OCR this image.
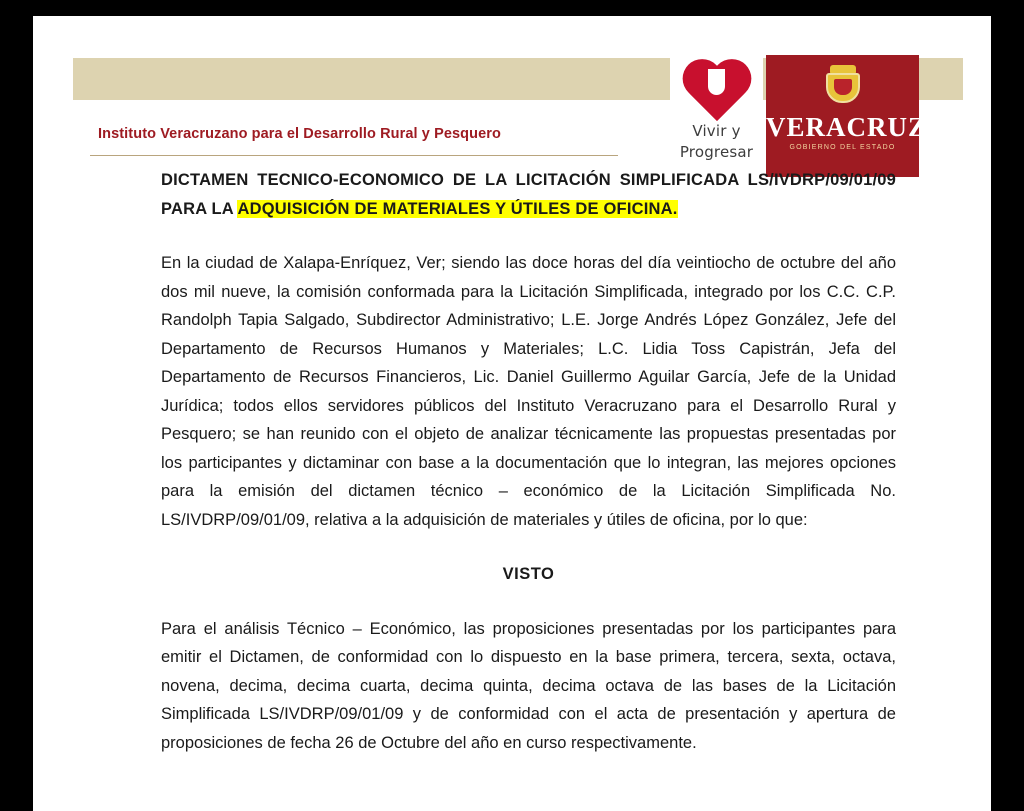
Vivir y
Progresar
VERACRUZ
GOBIERNO DEL ESTADO
Instituto Veracruzano para el Desarrollo Rural y Pesquero

DICTAMEN TECNICO-ECONOMICO DE LA LICITACIÓN SIMPLIFICADA LS/IVDRP/09/01/09 PARA LA ADQUISICIÓN DE MATERIALES Y ÚTILES DE OFICINA.

En la ciudad de Xalapa-Enríquez, Ver; siendo las doce horas del día veintiocho de octubre del año dos mil nueve, la comisión conformada para la Licitación Simplificada, integrado por los C.C. C.P. Randolph Tapia Salgado, Subdirector Administrativo; L.E. Jorge Andrés López González, Jefe del Departamento de Recursos Humanos y Materiales; L.C. Lidia Toss Capistrán, Jefa del Departamento de Recursos Financieros, Lic. Daniel Guillermo Aguilar García, Jefe de la Unidad Jurídica; todos ellos servidores públicos del Instituto Veracruzano para el Desarrollo Rural y Pesquero; se han reunido con el objeto de analizar técnicamente las propuestas presentadas por los participantes y dictaminar con base a la documentación que lo integran, las mejores opciones para la emisión del dictamen técnico – económico de la Licitación Simplificada No. LS/IVDRP/09/01/09, relativa a la adquisición de materiales y útiles de oficina, por lo que:

VISTO

Para el análisis Técnico – Económico, las proposiciones presentadas por los participantes para emitir el Dictamen, de conformidad con lo dispuesto en la base primera, tercera, sexta, octava, novena, decima, decima cuarta, decima quinta, decima octava de las bases de la Licitación Simplificada LS/IVDRP/09/01/09 y de conformidad con el acta de presentación y apertura de proposiciones de fecha 26 de Octubre del año en curso respectivamente.
